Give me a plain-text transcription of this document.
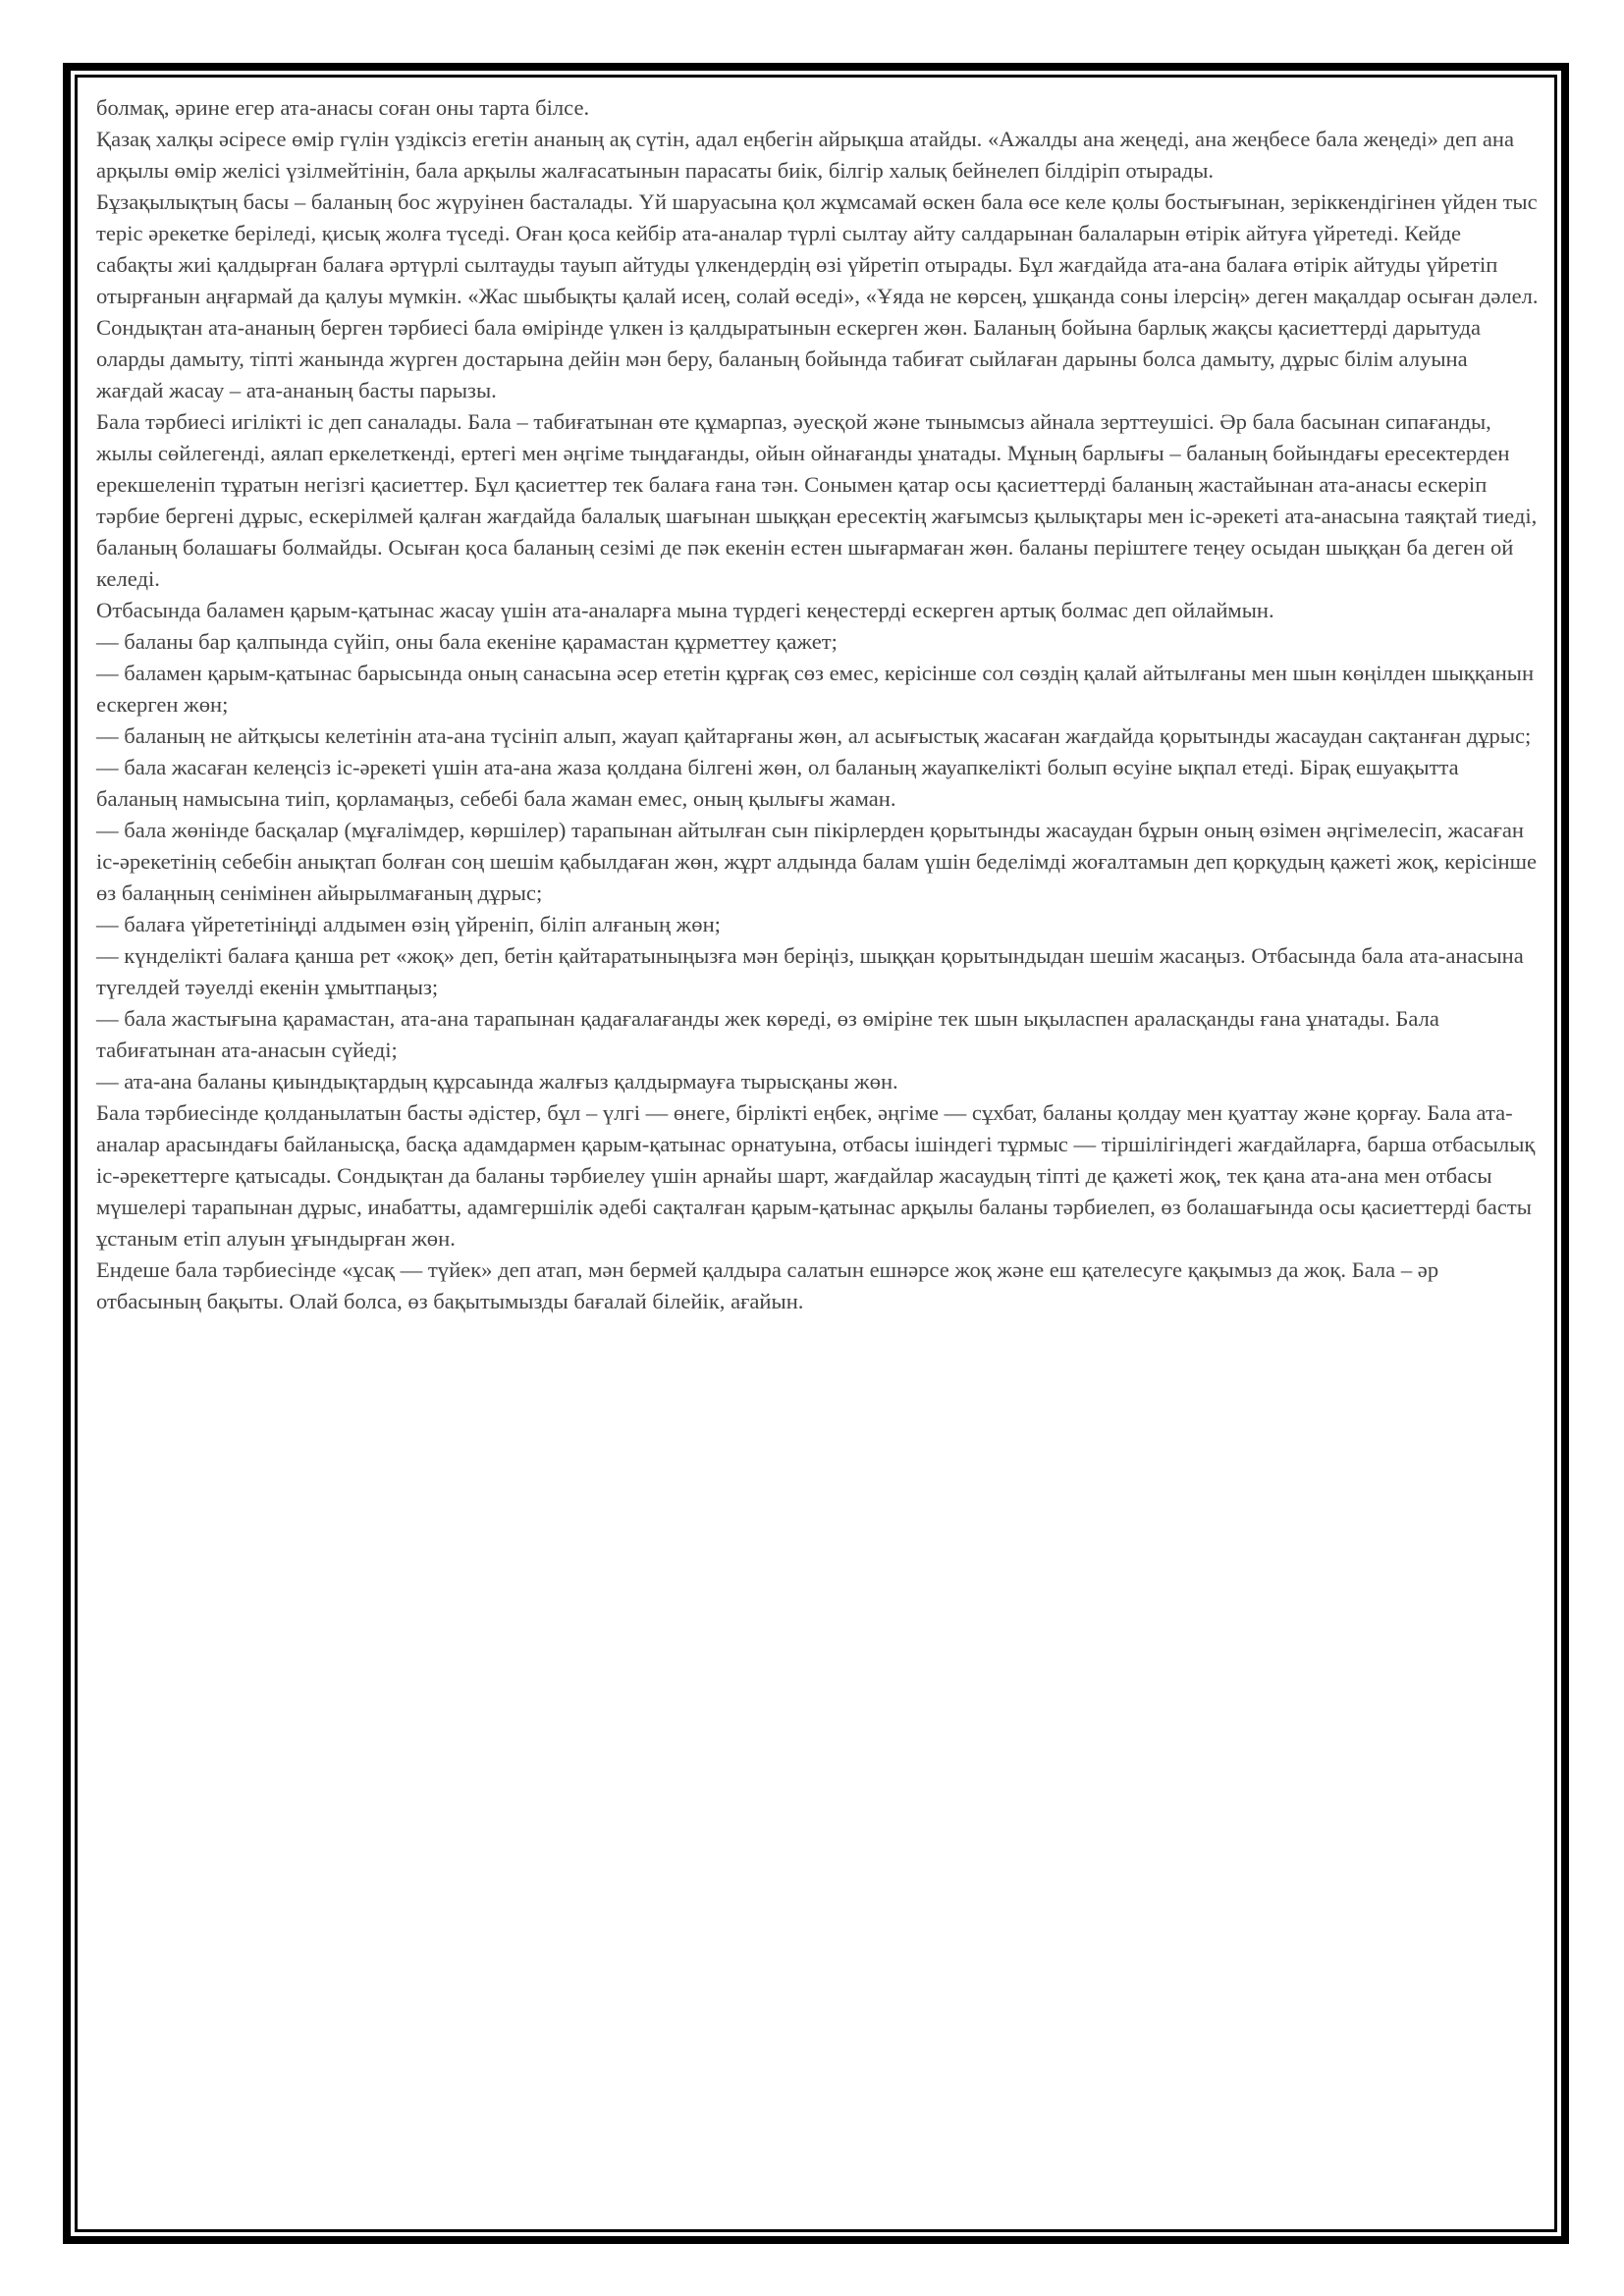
болмақ, әрине егер ата-анасы соған оны тарта білсе.

Қазақ халқы әсіресе өмір гүлін үздіксіз егетін ананың ақ сүтін, адал еңбегін айрықша атайды. «Ажалды ана жеңеді, ана жеңбесе бала жеңеді» деп ана арқылы өмір желісі үзілмейтінін, бала арқылы жалғасатынын парасаты биік, білгір халық бейнелеп білдіріп отырады.

Бұзақылықтың басы – баланың бос жүруінен басталады. Үй шаруасына қол жұмсамай өскен бала өсе келе қолы бостығынан, зеріккендігінен үйден тыс теріс әрекетке беріледі, қисық жолға түседі. Оған қоса кейбір ата-аналар түрлі сылтау айту салдарынан балаларын өтірік айтуға үйретеді. Кейде сабақты жиі қалдырған балаға әртүрлі сылтауды тауып айтуды үлкендердің өзі үйретіп отырады. Бұл жағдайда ата-ана балаға өтірік айтуды үйретіп отырғанын аңғармай да қалуы мүмкін. «Жас шыбықты қалай исең, солай өседі», «Ұяда не көрсең, ұшқанда соны ілерсің» деген мақалдар осыған дәлел. Сондықтан ата-ананың берген тәрбиесі бала өмірінде үлкен із қалдыратынын ескерген жөн. Баланың бойына барлық жақсы қасиеттерді дарытуда оларды дамыту, тіпті жанында жүрген достарына дейін мән беру, баланың бойында табиғат сыйлаған дарыны болса дамыту, дұрыс білім алуына жағдай жасау – ата-ананың басты парызы.

Бала тәрбиесі игілікті іс деп саналады. Бала – табиғатынан өте құмарпаз, әуесқой және тынымсыз айнала зерттеушісі. Әр бала басынан сипағанды, жылы сөйлегенді, аялап еркелеткенді, ертегі мен әңгіме тыңдағанды, ойын ойнағанды ұнатады. Мұның барлығы – баланың бойындағы ересектерден ерекшеленіп тұратын негізгі қасиеттер. Бұл қасиеттер тек балаға ғана тән. Сонымен қатар осы қасиеттерді баланың жастайынан ата-анасы ескеріп тәрбие бергені дұрыс, ескерілмей қалған жағдайда балалық шағынан шыққан ересектің жағымсыз қылықтары мен іс-әрекеті ата-анасына таяқтай тиеді, баланың болашағы болмайды. Осыған қоса баланың сезімі де пәк екенін естен шығармаған жөн. баланы періштеге теңеу осыдан шыққан ба деген ой келеді.

Отбасында баламен қарым-қатынас жасау үшін ата-аналарға мына түрдегі кеңестерді ескерген артық болмас деп ойлаймын.

— баланы бар қалпында сүйіп, оны бала екеніне қарамастан құрметтеу қажет;

— баламен қарым-қатынас барысында оның санасына әсер ететін құрғақ сөз емес, керісінше сол сөздің қалай айтылғаны мен шын көңілден шыққанын ескерген жөн;

— баланың не айтқысы келетінін ата-ана түсініп алып, жауап қайтарғаны жөн, ал асығыстық жасаған жағдайда қорытынды жасаудан сақтанған дұрыс;

— бала жасаған келеңсіз іс-әрекеті үшін ата-ана жаза қолдана білгені жөн, ол баланың жауапкелікті болып өсуіне ықпал етеді. Бірақ ешуақытта баланың намысына тиіп, қорламаңыз, себебі бала жаман емес, оның қылығы жаман.

— бала жөнінде басқалар (мұғалімдер, көршілер) тарапынан айтылған сын пікірлерден қорытынды жасаудан бұрын оның өзімен әңгімелесіп, жасаған іс-әрекетінің себебін анықтап болған соң шешім қабылдаған жөн, жұрт алдында балам үшін беделімді жоғалтамын деп қорқудың қажеті жоқ, керісінше өз балаңның сенімінен айырылмағаның дұрыс;

— балаға үйрететініңді алдымен өзің үйреніп, біліп алғаның жөн;

— күнделікті балаға қанша рет «жоқ» деп, бетін қайтаратыныңызға мән беріңіз, шыққан қорытындыдан шешім жасаңыз. Отбасында бала ата-анасына түгелдей тәуелді екенін ұмытпаңыз;

— бала жастығына қарамастан, ата-ана тарапынан қадағалағанды жек көреді, өз өміріне тек шын ықыласпен араласқанды ғана ұнатады. Бала табиғатынан ата-анасын сүйеді;

— ата-ана баланы қиындықтардың құрсаында жалғыз қалдырмауға тырысқаны жөн.

Бала тәрбиесінде қолданылатын басты әдістер, бұл – үлгі — өнеге, бірлікті еңбек, әңгіме — сұхбат, баланы қолдау мен қуаттау және қорғау. Бала ата-аналар арасындағы байланысқа, басқа адамдармен қарым-қатынас орнатуына, отбасы ішіндегі тұрмыс — тіршілігіндегі жағдайларға, барша отбасылық іс-әрекеттерге қатысады. Сондықтан да баланы тәрбиелеу үшін арнайы шарт, жағдайлар жасаудың тіпті де қажеті жоқ, тек қана ата-ана мен отбасы мүшелері тарапынан дұрыс, инабатты, адамгершілік әдебі сақталған қарым-қатынас арқылы баланы тәрбиелеп, өз болашағында осы қасиеттерді басты ұстаным етіп алуын ұғындырған жөн.

Ендеше бала тәрбиесінде «ұсақ — түйек» деп атап, мән бермей қалдыра салатын ешнәрсе жоқ және еш қателесуге қақымыз да жоқ. Бала – әр отбасының бақыты. Олай болса, өз бақытымызды бағалай білейік, ағайын.
